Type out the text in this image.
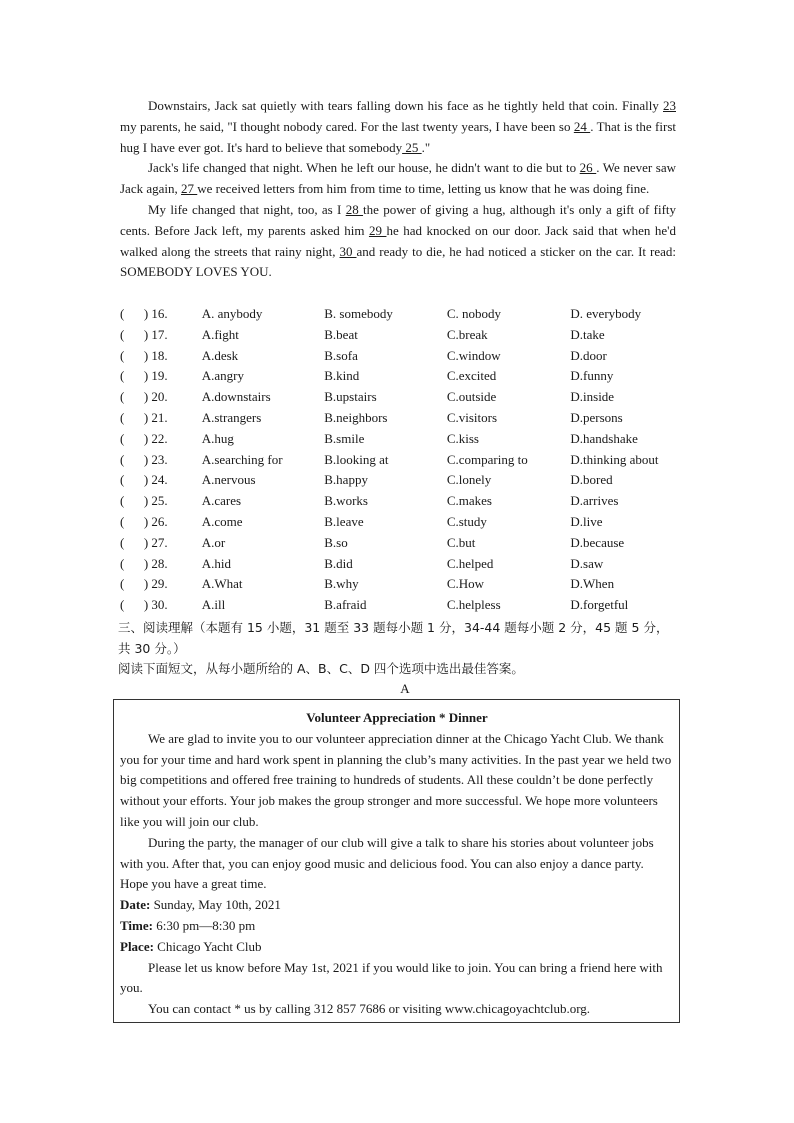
Downstairs, Jack sat quietly with tears falling down his face as he tightly held that coin. Finally 23 my parents, he said, "I thought nobody cared. For the last twenty years, I have been so 24 . That is the first hug I have ever got. It's hard to believe that somebody 25 ."

Jack's life changed that night. When he left our house, he didn't want to die but to 26 . We never saw Jack again, 27 we received letters from him from time to time, letting us know that he was doing fine.

My life changed that night, too, as I 28 the power of giving a hug, although it's only a gift of fifty cents. Before Jack left, my parents asked him 29 he had knocked on our door. Jack said that when he'd walked along the streets that rainy night, 30 and ready to die, he had noticed a sticker on the car. It read: SOMEBODY LOVES YOU.

(      ) 16.	A. anybody	B. somebody	C. nobody	D. everybody
(      ) 17.	A.fight	B.beat	C.break	D.take
(      ) 18.	A.desk	B.sofa	C.window	D.door
(      ) 19.	A.angry	B.kind	C.excited	D.funny
(      ) 20.	A.downstairs	B.upstairs	C.outside	D.inside
(      ) 21.	A.strangers	B.neighbors	C.visitors	D.persons
(      ) 22.	A.hug	B.smile	C.kiss	D.handshake
(      ) 23.	A.searching for	B.looking at	C.comparing to	D.thinking about
(      ) 24.	A.nervous	B.happy	C.lonely	D.bored
(      ) 25.	A.cares	B.works	C.makes	D.arrives
(      ) 26.	A.come	B.leave	C.study	D.live
(      ) 27.	A.or	B.so	C.but	D.because
(      ) 28.	A.hid	B.did	C.helped	D.saw
(      ) 29.	A.What	B.why	C.How	D.When
(      ) 30.	A.ill	B.afraid	C.helpless	D.forgetful
三、阅读理解（本题有 15 小题，31 题至 33 题每小题 1 分，34-44 题每小题 2 分，45 题 5 分，共 30 分。）
阅读下面短文，从每小题所给的 A、B、C、D 四个选项中选出最佳答案。
A

Volunteer Appreciation * Dinner

We are glad to invite you to our volunteer appreciation dinner at the Chicago Yacht Club. We thank you for your time and hard work spent in planning the club’s many activities. In the past year we held two big competitions and offered free training to hundreds of students. All these couldn’t be done perfectly without your efforts. Your job makes the group stronger and more successful. We hope more volunteers like you will join our club.

During the party, the manager of our club will give a talk to share his stories about volunteer jobs with you. After that, you can enjoy good music and delicious food. You can also enjoy a dance party. Hope you have a great time.

Date: Sunday, May 10th, 2021

Time: 6:30 pm—8:30 pm

Place: Chicago Yacht Club

Please let us know before May 1st, 2021 if you would like to join. You can bring a friend here with you.

You can contact * us by calling 312 857 7686 or visiting www.chicagoyachtclub.org.
